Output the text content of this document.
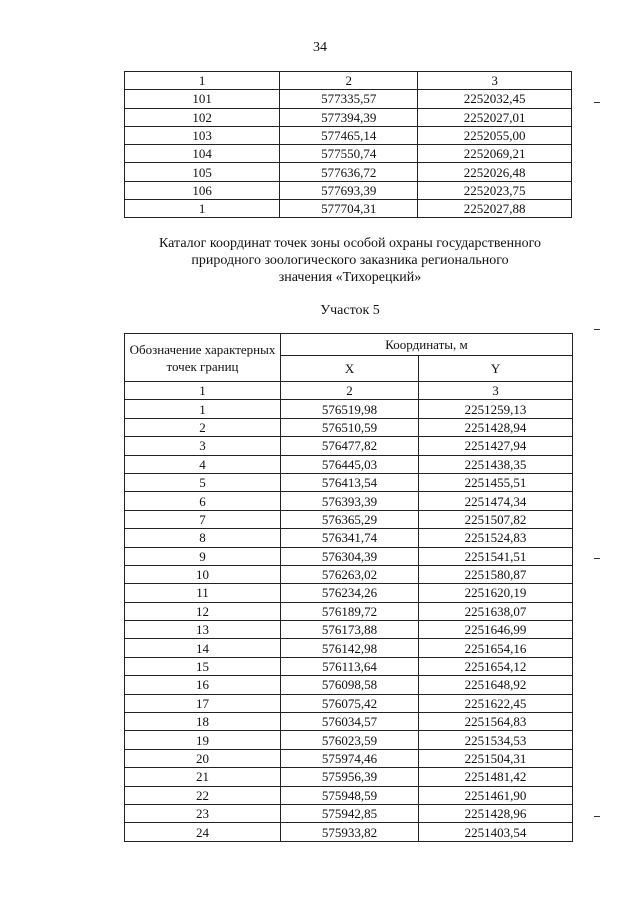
34
1	2	3
101	577335,57	2252032,45
102	577394,39	2252027,01
103	577465,14	2252055,00
104	577550,74	2252069,21
105	577636,72	2252026,48
106	577693,39	2252023,75
1	577704,31	2252027,88
Каталог координат точек зоны особой охраны государственного
природного зоологического заказника регионального
значения «Тихорецкий»
Участок 5
Обозначение характерных точек границ	Координаты, м	
	X	Y
1	2	3
1	576519,98	2251259,13
2	576510,59	2251428,94
3	576477,82	2251427,94
4	576445,03	2251438,35
5	576413,54	2251455,51
6	576393,39	2251474,34
7	576365,29	2251507,82
8	576341,74	2251524,83
9	576304,39	2251541,51
10	576263,02	2251580,87
11	576234,26	2251620,19
12	576189,72	2251638,07
13	576173,88	2251646,99
14	576142,98	2251654,16
15	576113,64	2251654,12
16	576098,58	2251648,92
17	576075,42	2251622,45
18	576034,57	2251564,83
19	576023,59	2251534,53
20	575974,46	2251504,31
21	575956,39	2251481,42
22	575948,59	2251461,90
23	575942,85	2251428,96
24	575933,82	2251403,54
